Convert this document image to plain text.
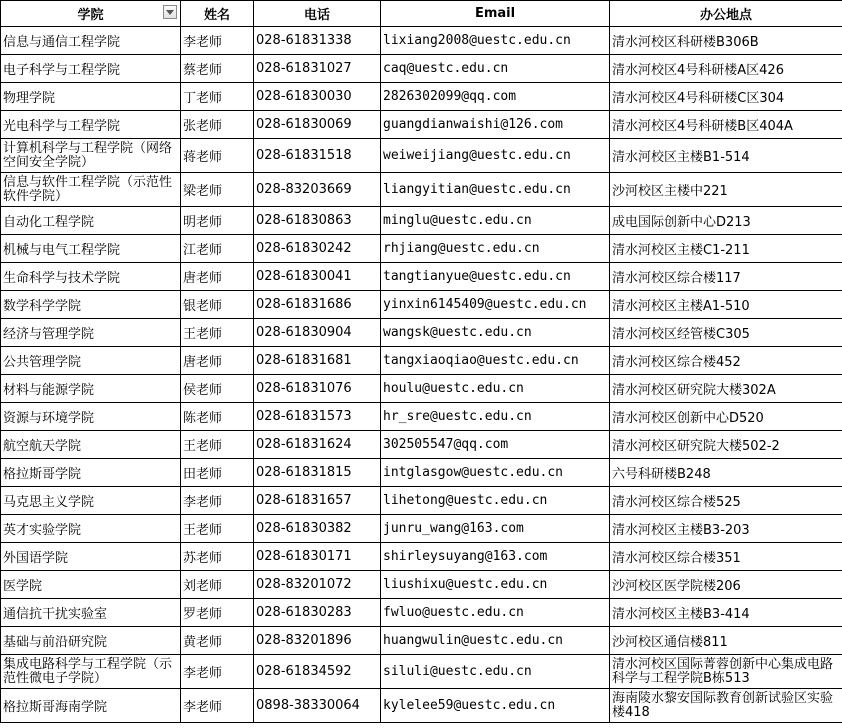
学院	姓名	电话	Email	办公地点
信息与通信工程学院	李老师	028-61831338	lixiang2008@uestc.edu.cn	清水河校区科研楼B306B
电子科学与工程学院	蔡老师	028-61831027	caq@uestc.edu.cn	清水河校区4号科研楼A区426
物理学院	丁老师	028-61830030	2826302099@qq.com	清水河校区4号科研楼C区304
光电科学与工程学院	张老师	028-61830069	guangdianwaishi@126.com	清水河校区4号科研楼B区404A

计算机科学与工程学院（网络空间安全学院）	蒋老师	028-61831518	weiweijiang@uestc.edu.cn	清水河校区主楼B1-514

信息与软件工程学院（示范性软件学院）	梁老师	028-83203669	liangyitian@uestc.edu.cn	沙河校区主楼中221
自动化工程学院	明老师	028-61830863	minglu@uestc.edu.cn	成电国际创新中心D213
机械与电气工程学院	江老师	028-61830242	rhjiang@uestc.edu.cn	清水河校区主楼C1-211
生命科学与技术学院	唐老师	028-61830041	tangtianyue@uestc.edu.cn	清水河校区综合楼117
数学科学学院	银老师	028-61831686	yinxin6145409@uestc.edu.cn	清水河校区主楼A1-510
经济与管理学院	王老师	028-61830904	wangsk@uestc.edu.cn	清水河校区经管楼C305
公共管理学院	唐老师	028-61831681	tangxiaoqiao@uestc.edu.cn	清水河校区综合楼452
材料与能源学院	侯老师	028-61831076	houlu@uestc.edu.cn	清水河校区研究院大楼302A
资源与环境学院	陈老师	028-61831573	hr_sre@uestc.edu.cn	清水河校区创新中心D520
航空航天学院	王老师	028-61831624	302505547@qq.com	清水河校区研究院大楼502-2
格拉斯哥学院	田老师	028-61831815	intglasgow@uestc.edu.cn	六号科研楼B248
马克思主义学院	李老师	028-61831657	lihetong@uestc.edu.cn	清水河校区综合楼525
英才实验学院	王老师	028-61830382	junru_wang@163.com	清水河校区主楼B3-203
外国语学院	苏老师	028-61830171	shirleysuyang@163.com	清水河校区综合楼351
医学院	刘老师	028-83201072	liushixu@uestc.edu.cn	沙河校区医学院楼206
通信抗干扰实验室	罗老师	028-61830283	fwluo@uestc.edu.cn	清水河校区主楼B3-414
基础与前沿研究院	黄老师	028-83201896	huangwulin@uestc.edu.cn	沙河校区通信楼811

集成电路科学与工程学院（示范性微电子学院）	李老师	028-61834592	siluli@uestc.edu.cn	清水河校区国际菁蓉创新中心集成电路科学与工程学院B栋513

格拉斯哥海南学院	李老师	0898-38330064	kylelee59@uestc.edu.cn	海南陵水黎安国际教育创新试验区实验楼418
